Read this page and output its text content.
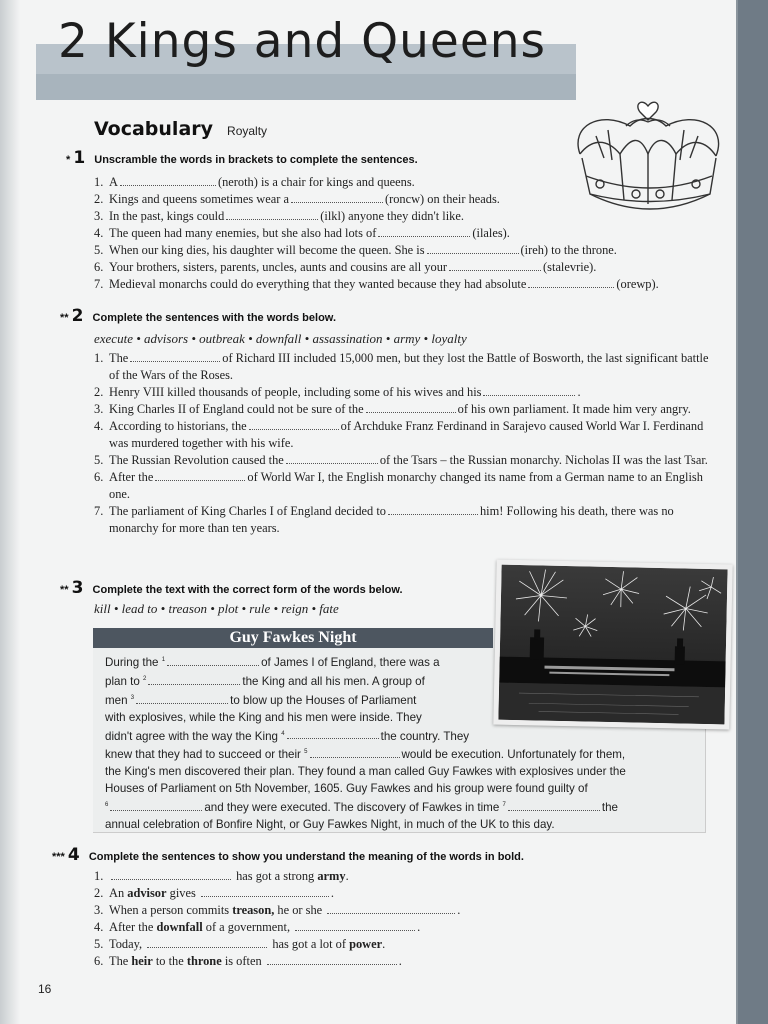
2 Kings and Queens
Vocabulary Royalty
* 1 Unscramble the words in brackets to complete the sentences.
1. A	(neroth) is a chair for kings and queens.
2. Kings and queens sometimes wear a	(roncw) on their heads.
3. In the past, kings could	(ilkl) anyone they didn't like.
4. The queen had many enemies, but she also had lots of	(ilales).
5. When our king dies, his daughter will become the queen. She is	(ireh) to the throne.
6. Your brothers, sisters, parents, uncles, aunts and cousins are all your	(stalevrie).
7. Medieval monarchs could do everything that they wanted because they had absolute	(orewp).
** 2 Complete the sentences with the words below.
execute • advisors • outbreak • downfall • assassination • army • loyalty
1. The	of Richard III included 15,000 men, but they lost the Battle of Bosworth, the last significant battle of the Wars of the Roses.
2. Henry VIII killed thousands of people, including some of his wives and his	.
3. King Charles II of England could not be sure of the	of his own parliament. It made him very angry.
4. According to historians, the	of Archduke Franz Ferdinand in Sarajevo caused World War I. Ferdinand was murdered together with his wife.
5. The Russian Revolution caused the	of the Tsars – the Russian monarchy. Nicholas II was the last Tsar.
6. After the	of World War I, the English monarchy changed its name from a German name to an English one.
7. The parliament of King Charles I of England decided to	him! Following his death, there was no monarchy for more than ten years.
** 3 Complete the text with the correct form of the words below.
kill • lead to • treason • plot • rule • reign • fate
Guy Fawkes Night
During the $^1$	of James I of England, there was a
plan to $^2$	the King and all his men. A group of
men $^3$	to blow up the Houses of Parliament
with explosives, while the King and his men were inside. They
didn't agree with the way the King $^4$	the country. They
knew that they had to succeed or their $^5$	would be execution. Unfortunately for them,
the King's men discovered their plan. They found a man called Guy Fawkes with explosives under the
Houses of Parliament on 5th November, 1605. Guy Fawkes and his group were found guilty of
$^6$	and they were executed. The discovery of Fawkes in time $^7$	the
annual celebration of Bonfire Night, or Guy Fawkes Night, in much of the UK to this day.
*** 4 Complete the sentences to show you understand the meaning of the words in bold.
1.	has got a strong army.
2. An advisor gives	.
3. When a person commits treason, he or she	.
4. After the downfall of a government,	.
5. Today,	has got a lot of power.
6. The heir to the throne is often	.
16
